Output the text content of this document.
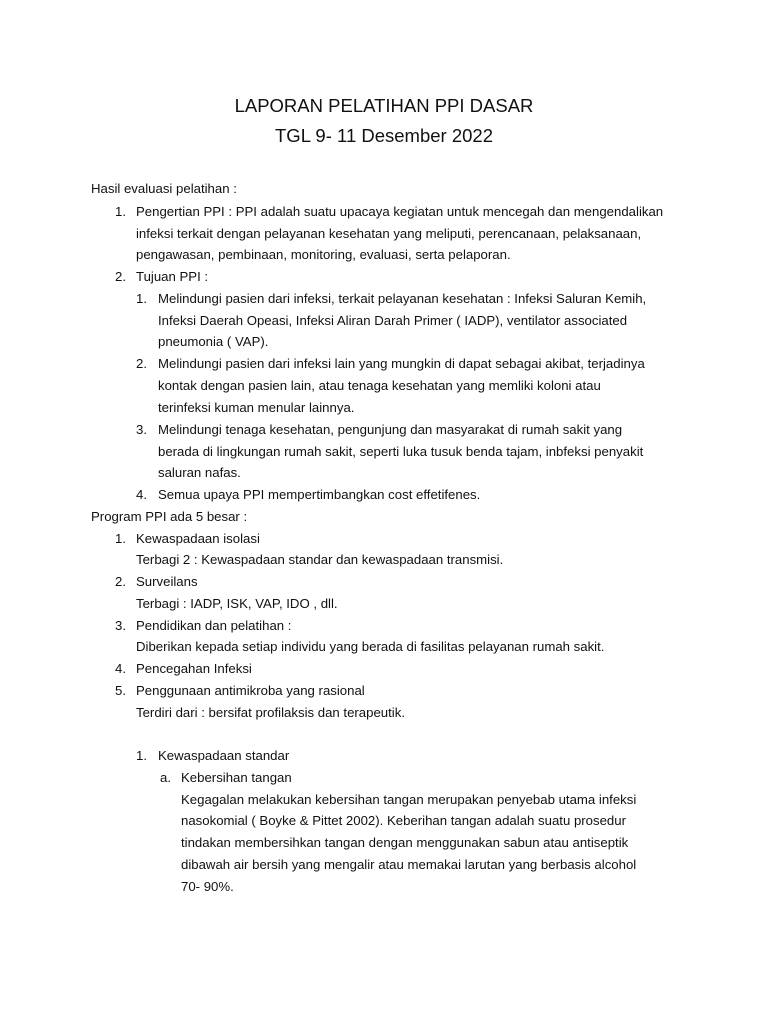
LAPORAN PELATIHAN PPI DASAR
TGL 9- 11 Desember 2022
Hasil evaluasi pelatihan :
1. Pengertian PPI : PPI adalah suatu upacaya kegiatan untuk mencegah dan mengendalikan
infeksi terkait dengan pelayanan kesehatan yang meliputi, perencanaan, pelaksanaan,
pengawasan, pembinaan, monitoring, evaluasi, serta pelaporan.
2. Tujuan PPI :
1. Melindungi pasien dari infeksi, terkait pelayanan kesehatan : Infeksi Saluran Kemih,
Infeksi Daerah Opeasi, Infeksi Aliran Darah Primer ( IADP), ventilator associated
pneumonia ( VAP).
2. Melindungi pasien dari infeksi lain yang mungkin di dapat sebagai akibat, terjadinya
kontak dengan pasien lain, atau tenaga kesehatan yang memliki koloni atau
terinfeksi kuman menular lainnya.
3. Melindungi tenaga kesehatan, pengunjung dan masyarakat di rumah sakit yang
berada di lingkungan rumah sakit, seperti luka tusuk benda tajam, inbfeksi penyakit
saluran nafas.
4. Semua upaya PPI mempertimbangkan cost effetifenes.
Program PPI ada 5 besar :
1. Kewaspadaan isolasi
Terbagi 2 : Kewaspadaan standar dan kewaspadaan transmisi.
2. Surveilans
Terbagi : IADP, ISK, VAP, IDO , dll.
3. Pendidikan dan pelatihan :
Diberikan kepada setiap individu yang berada di fasilitas pelayanan rumah sakit.
4. Pencegahan Infeksi
5. Penggunaan antimikroba yang rasional
Terdiri dari : bersifat profilaksis dan terapeutik.
1. Kewaspadaan standar
a. Kebersihan tangan
Kegagalan melakukan kebersihan tangan merupakan penyebab utama infeksi
nasokomial ( Boyke & Pittet 2002). Keberihan tangan adalah suatu prosedur
tindakan membersihkan tangan dengan menggunakan sabun atau antiseptik
dibawah air bersih yang mengalir atau memakai larutan yang berbasis alcohol
70- 90%.
